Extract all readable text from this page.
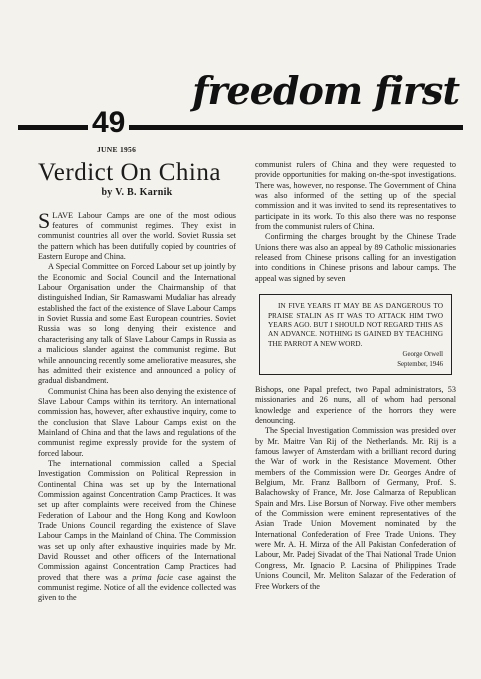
freedom first
49
JUNE 1956
Verdict On China
by V. B. Karnik

SLAVE Labour Camps are one of the most odious features of communist regimes. They exist in communist countries all over the world. Soviet Russia set the pattern which has been dutifully copied by countries of Eastern Europe and China.

A Special Committee on Forced Labour set up jointly by the Economic and Social Council and the International Labour Organisation under the Chairmanship of that distinguished Indian, Sir Ramaswami Mudaliar has already established the fact of the existence of Slave Labour Camps in Soviet Russia and some East European countries. Soviet Russia was so long denying their existence and characterising any talk of Slave Labour Camps in Russia as a malicious slander against the communist regime. But while announcing recently some ameliorative measures, she has admitted their existence and announced a policy of gradual disbandment.

Communist China has been also denying the existence of Slave Labour Camps within its territory. An international commission has, however, after exhaustive inquiry, come to the conclusion that Slave Labour Camps exist on the Mainland of China and that the laws and regulations of the communist regime expressly provide for the system of forced labour.

The international commission called a Special Investigation Commission on Political Repression in Continental China was set up by the International Commission against Concentration Camp Practices. It was set up after complaints were received from the Chinese Federation of Labour and the Hong Kong and Kowloon Trade Unions Council regarding the existence of Slave Labour Camps in the Mainland of China. The Commission was set up only after exhaustive inquiries made by Mr. David Rousset and other officers of the International Commission against Concentration Camp Practices had proved that there was a prima facie case against the communist regime. Notice of all the evidence collected was given to the

communist rulers of China and they were requested to provide opportunities for making on-the-spot investigations. There was, however, no response. The Government of China was also informed of the setting up of the special commission and it was invited to send its representatives to participate in its work. To this also there was no response from the communist rulers of China.

Confirming the charges brought by the Chinese Trade Unions there was also an appeal by 89 Catholic missionaries released from Chinese prisons calling for an investigation into conditions in Chinese prisons and labour camps. The appeal was signed by seven

IN FIVE YEARS IT MAY BE AS DANGEROUS TO PRAISE STALIN AS IT WAS TO ATTACK HIM TWO YEARS AGO. BUT I SHOULD NOT REGARD THIS AS AN ADVANCE. NOTHING IS GAINED BY TEACHING THE PARROT A NEW WORD.

George Orwell

September, 1946

Bishops, one Papal prefect, two Papal administrators, 53 missionaries and 26 nuns, all of whom had personal knowledge and experience of the horrors they were denouncing.

The Special Investigation Commission was presided over by Mr. Maitre Van Rij of the Netherlands. Mr. Rij is a famous lawyer of Amsterdam with a brilliant record during the War of work in the Resistance Movement. Other members of the Commission were Dr. Georges Andre of Belgium, Mr. Franz Ballborn of Germany, Prof. S. Balachowsky of France, Mr. Jose Calmarza of Republican Spain and Mrs. Lise Borsun of Norway. Five other members of the Commission were eminent representatives of the Asian Trade Union Movement nominated by the International Confederation of Free Trade Unions. They were Mr. A. H. Mirza of the All Pakistan Confederation of Labour, Mr. Padej Sivadat of the Thai National Trade Union Congress, Mr. Ignacio P. Lacsina of Philippines Trade Unions Council, Mr. Meliton Salazar of the Federation of Free Workers of the
